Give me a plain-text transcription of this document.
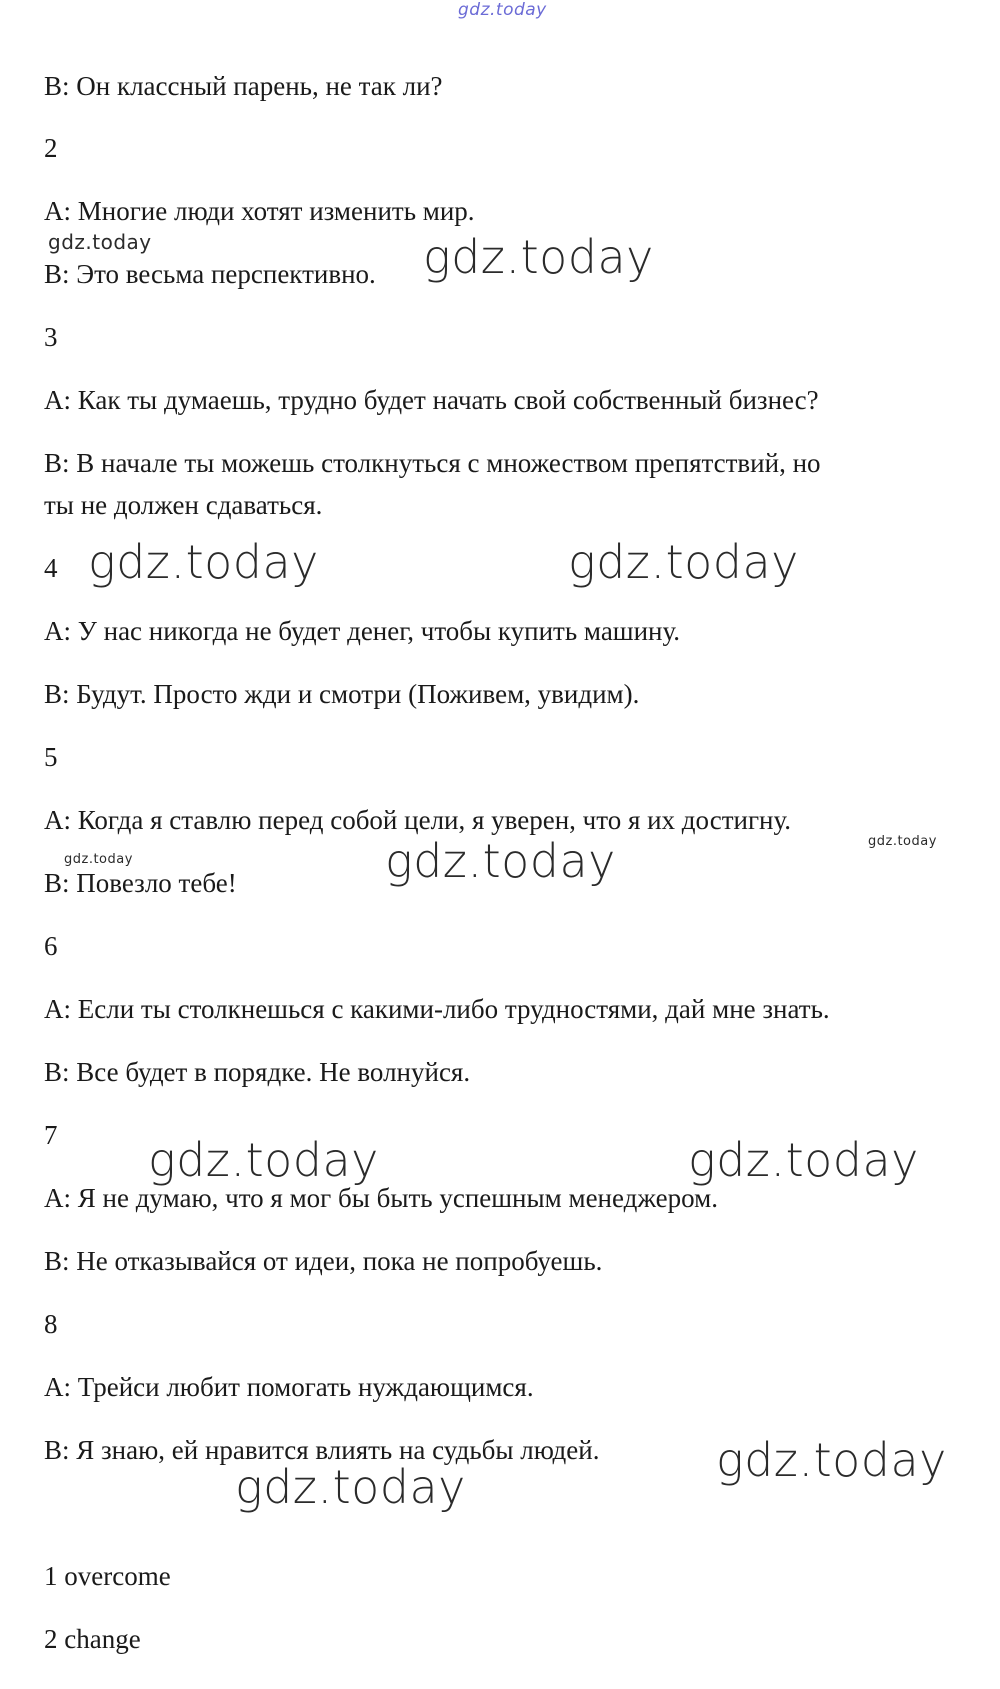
gdz.today
gdz.today	gdz.today
gdz.today	gdz.today
gdz.today
gdz.today	gdz.today
gdz.today	gdz.today
gdz.today
gdz.today
B: Он классный парень, не так ли?
2
A: Многие люди хотят изменить мир.
B: Это весьма перспективно.
3
A: Как ты думаешь, трудно будет начать свой собственный бизнес?
B: В начале ты можешь столкнуться с множеством препятствий, но
ты не должен сдаваться.
4
A: У нас никогда не будет денег, чтобы купить машину.
B: Будут. Просто жди и смотри (Поживем, увидим).
5
A: Когда я ставлю перед собой цели, я уверен, что я их достигну.
B: Повезло тебе!
6
A: Если ты столкнешься с какими-либо трудностями, дай мне знать.
B: Все будет в порядке. Не волнуйся.
7
A: Я не думаю, что я мог бы быть успешным менеджером.
B: Не отказывайся от идеи, пока не попробуешь.
8
A: Трейси любит помогать нуждающимся.
B: Я знаю, ей нравится влиять на судьбы людей.
1 overcome
2 change
